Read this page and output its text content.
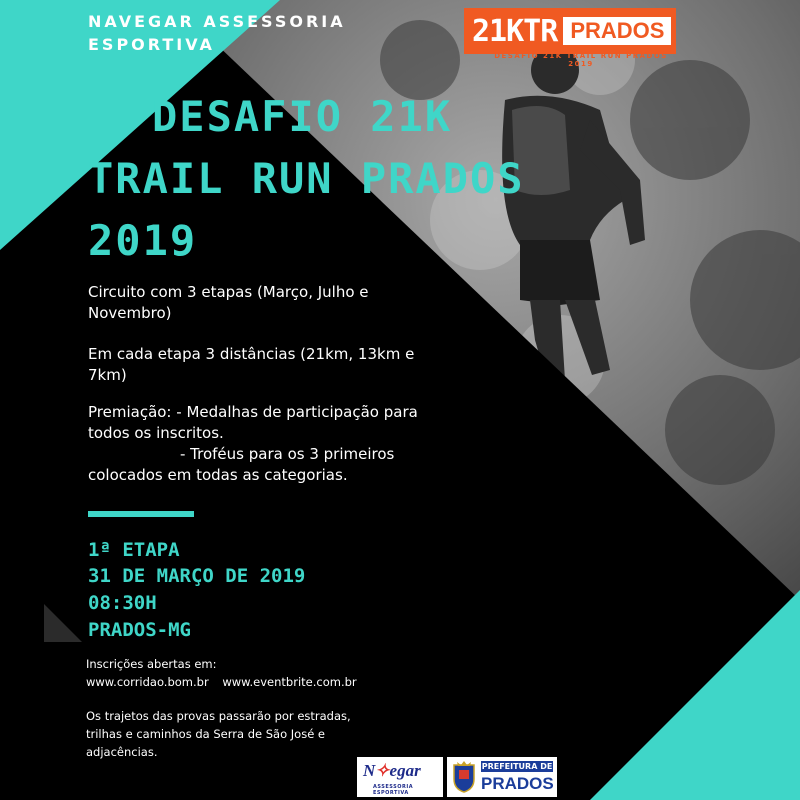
NAVEGAR ASSESSORIA
ESPORTIVA	21KTR PRADOS
DESAFIO 21K TRAIL RUN PRADOS 2019
DESAFIO 21K
TRAIL RUN PRADOS
2019
Circuito com 3 etapas (Março, Julho e
Novembro)
Em cada etapa 3 distâncias (21km, 13km e
7km)
Premiação: - Medalhas de participação para
todos os inscritos.
- Troféus para os 3 primeiros
colocados em todas as categorias.
1ª ETAPA
31 DE MARÇO DE 2019
08:30H
PRADOS-MG
Inscrições abertas em:
www.corridao.bom.br www.eventbrite.com.br
Os trajetos das provas passarão por estradas,
trilhas e caminhos da Serra de São José e
adjacências.
N✧egar
ASSESSORIA ESPORTIVA
PREFEITURA DE
PRADOS
